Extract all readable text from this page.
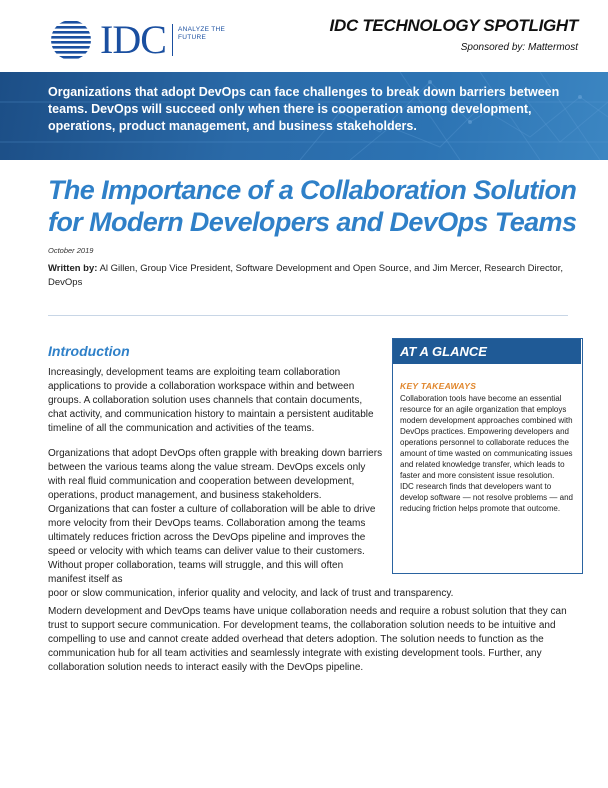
IDC ANALYZE THE FUTURE
IDC TECHNOLOGY SPOTLIGHT
Sponsored by: Mattermost
Organizations that adopt DevOps can face challenges to break down barriers between teams. DevOps will succeed only when there is cooperation among development, operations, product management, and business stakeholders.
The Importance of a Collaboration Solution for Modern Developers and DevOps Teams
October 2019
Written by: Al Gillen, Group Vice President, Software Development and Open Source, and Jim Mercer, Research Director, DevOps
Introduction
Increasingly, development teams are exploiting team collaboration applications to provide a collaboration workspace within and between groups. A collaboration solution uses channels that contain documents, chat activity, and communication history to maintain a persistent auditable timeline of all the communication and activities of the teams.
Organizations that adopt DevOps often grapple with breaking down barriers between the various teams along the value stream. DevOps excels only with real fluid communication and cooperation between development, operations, product management, and business stakeholders. Organizations that can foster a culture of collaboration will be able to drive more velocity from their DevOps teams. Collaboration among the teams ultimately reduces friction across the DevOps pipeline and improves the speed or velocity with which teams can deliver value to their customers. Without proper collaboration, teams will struggle, and this will often manifest itself as
poor or slow communication, inferior quality and velocity, and lack of trust and transparency.
Modern development and DevOps teams have unique collaboration needs and require a robust solution that they can trust to support secure communication. For development teams, the collaboration solution needs to be intuitive and compelling to use and cannot create added overhead that deters adoption. The solution needs to function as the communication hub for all team activities and seamlessly integrate with existing development tools. Further, any collaboration solution needs to interact easily with the DevOps pipeline.
AT A GLANCE
KEY TAKEAWAYS
Collaboration tools have become an essential resource for an agile organization that employs modern development approaches combined with DevOps practices. Empowering developers and operations personnel to collaborate reduces the amount of time wasted on communicating issues and related knowledge transfer, which leads to faster and more consistent issue resolution.
IDC research finds that developers want to develop software — not resolve problems — and reducing friction helps promote that outcome.
